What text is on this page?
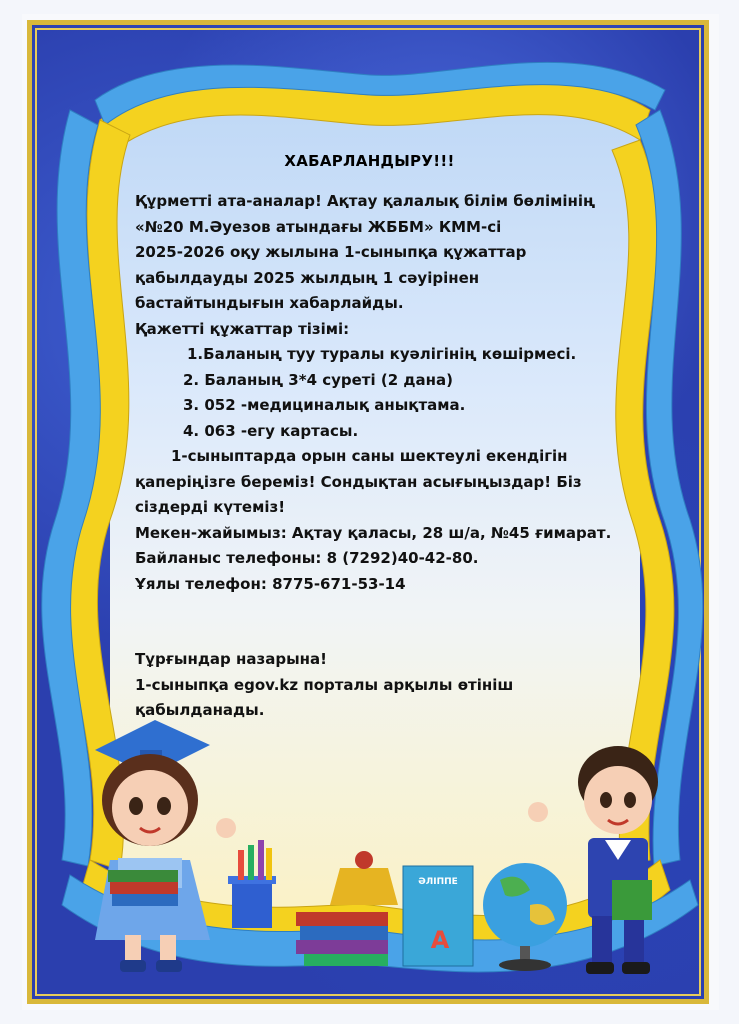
ХАБАРЛАНДЫРУ!!!
Құрметті ата-аналар! Ақтау қалалық білім бөлімінің
«№20 М.Әуезов атындағы ЖББМ» КММ-сі
2025-2026 оқу жылына 1-сыныпқа құжаттар
қабылдауды 2025 жылдың 1 сәуірінен
бастайтындығын хабарлайды.
Қажетті құжаттар тізімі:
1.Баланың туу туралы куәлігінің көшірмесі.
2. Баланың 3*4 суреті (2 дана)
3. 052 -медициналық анықтама.
4. 063 -егу картасы.
1-сыныптарда орын саны шектеулі екендігін
қаперіңізге береміз! Сондықтан асығыңыздар! Біз
сіздерді күтеміз!
Мекен-жайымыз: Ақтау қаласы, 28 ш/а, №45 ғимарат.
Байланыс телефоны: 8 (7292)40-42-80.
Ұялы телефон: 8775-671-53-14
Тұрғындар назарына!
1-сыныпқа egov.kz порталы арқылы өтініш
қабылданады.
ӘЛІППЕ
А
